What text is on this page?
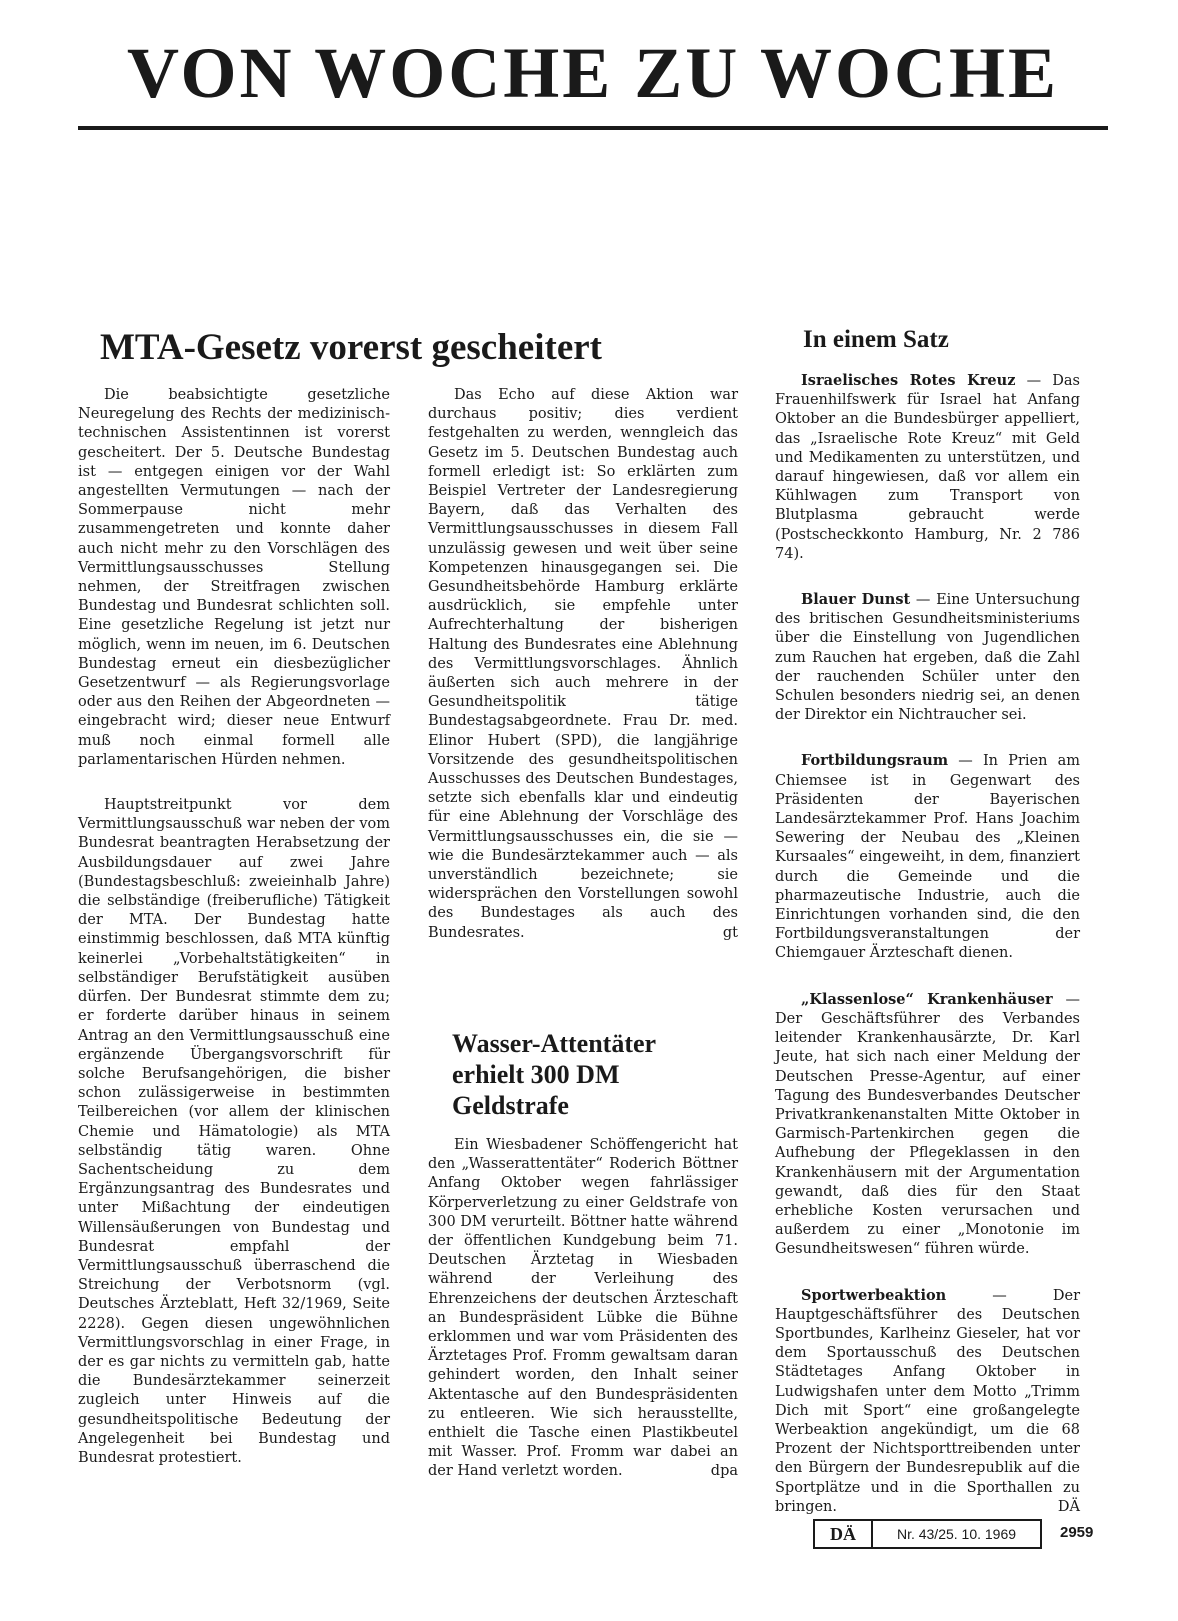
VON WOCHE ZU WOCHE
MTA-Gesetz vorerst gescheitert

Die beabsichtigte gesetzliche Neuregelung des Rechts der medizinisch-technischen Assistentinnen ist vorerst gescheitert. Der 5. Deutsche Bundestag ist — entgegen einigen vor der Wahl angestellten Vermutungen — nach der Sommerpause nicht mehr zusammengetreten und konnte daher auch nicht mehr zu den Vorschlägen des Vermittlungsausschusses Stellung nehmen, der Streitfragen zwischen Bundestag und Bundesrat schlichten soll. Eine gesetzliche Regelung ist jetzt nur möglich, wenn im neuen, im 6. Deutschen Bundestag erneut ein diesbezüglicher Gesetzentwurf — als Regierungsvorlage oder aus den Reihen der Abgeordneten — eingebracht wird; dieser neue Entwurf muß noch einmal formell alle parlamentarischen Hürden nehmen.

Hauptstreitpunkt vor dem Vermittlungsausschuß war neben der vom Bundesrat beantragten Herabsetzung der Ausbildungsdauer auf zwei Jahre (Bundestagsbeschluß: zweieinhalb Jahre) die selbständige (freiberufliche) Tätigkeit der MTA. Der Bundestag hatte einstimmig beschlossen, daß MTA künftig keinerlei „Vorbehaltstätigkeiten“ in selbständiger Berufstätigkeit ausüben dürfen. Der Bundesrat stimmte dem zu; er forderte darüber hinaus in seinem Antrag an den Vermittlungsausschuß eine ergänzende Übergangsvorschrift für solche Berufsangehörigen, die bisher schon zulässigerweise in bestimmten Teilbereichen (vor allem der klinischen Chemie und Hämatologie) als MTA selbständig tätig waren. Ohne Sachentscheidung zu dem Ergänzungsantrag des Bundesrates und unter Mißachtung der eindeutigen Willensäußerungen von Bundestag und Bundesrat empfahl der Vermittlungsausschuß überraschend die Streichung der Verbotsnorm (vgl. Deutsches Ärzteblatt, Heft 32/1969, Seite 2228). Gegen diesen ungewöhnlichen Vermittlungsvorschlag in einer Frage, in der es gar nichts zu vermitteln gab, hatte die Bundesärztekammer seinerzeit zugleich unter Hinweis auf die gesundheitspolitische Bedeutung der Angelegenheit bei Bundestag und Bundesrat protestiert.

Das Echo auf diese Aktion war durchaus positiv; dies verdient festgehalten zu werden, wenngleich das Gesetz im 5. Deutschen Bundestag auch formell erledigt ist: So erklärten zum Beispiel Vertreter der Landesregierung Bayern, daß das Verhalten des Vermittlungsausschusses in diesem Fall unzulässig gewesen und weit über seine Kompetenzen hinausgegangen sei. Die Gesundheitsbehörde Hamburg erklärte ausdrücklich, sie empfehle unter Aufrechterhaltung der bisherigen Haltung des Bundesrates eine Ablehnung des Vermittlungsvorschlages. Ähnlich äußerten sich auch mehrere in der Gesundheitspolitik tätige Bundestagsabgeordnete. Frau Dr. med. Elinor Hubert (SPD), die langjährige Vorsitzende des gesundheitspolitischen Ausschusses des Deutschen Bundestages, setzte sich ebenfalls klar und eindeutig für eine Ablehnung der Vorschläge des Vermittlungsausschusses ein, die sie — wie die Bundesärztekammer auch — als unverständlich bezeichnete; sie widersprächen den Vorstellungen sowohl des Bundestages als auch des Bundesrates.	gt

Wasser-Attentäter erhielt 300 DM Geldstrafe

Ein Wiesbadener Schöffengericht hat den „Wasserattentäter“ Roderich Böttner Anfang Oktober wegen fahrlässiger Körperverletzung zu einer Geldstrafe von 300 DM verurteilt. Böttner hatte während der öffentlichen Kundgebung beim 71. Deutschen Ärztetag in Wiesbaden während der Verleihung des Ehrenzeichens der deutschen Ärzteschaft an Bundespräsident Lübke die Bühne erklommen und war vom Präsidenten des Ärztetages Prof. Fromm gewaltsam daran gehindert worden, den Inhalt seiner Aktentasche auf den Bundespräsidenten zu entleeren. Wie sich herausstellte, enthielt die Tasche einen Plastikbeutel mit Wasser. Prof. Fromm war dabei an der Hand verletzt worden.	dpa

In einem Satz

Israelisches Rotes Kreuz — Das Frauenhilfswerk für Israel hat Anfang Oktober an die Bundesbürger appelliert, das „Israelische Rote Kreuz“ mit Geld und Medikamenten zu unterstützen, und darauf hingewiesen, daß vor allem ein Kühlwagen zum Transport von Blutplasma gebraucht werde (Postscheckkonto Hamburg, Nr. 2 786 74).

Blauer Dunst — Eine Untersuchung des britischen Gesundheitsministeriums über die Einstellung von Jugendlichen zum Rauchen hat ergeben, daß die Zahl der rauchenden Schüler unter den Schulen besonders niedrig sei, an denen der Direktor ein Nichtraucher sei.

Fortbildungsraum — In Prien am Chiemsee ist in Gegenwart des Präsidenten der Bayerischen Landesärztekammer Prof. Hans Joachim Sewering der Neubau des „Kleinen Kursaales“ eingeweiht, in dem, finanziert durch die Gemeinde und die pharmazeutische Industrie, auch die Einrichtungen vorhanden sind, die den Fortbildungsveranstaltungen der Chiemgauer Ärzteschaft dienen.

„Klassenlose“ Krankenhäuser — Der Geschäftsführer des Verbandes leitender Krankenhausärzte, Dr. Karl Jeute, hat sich nach einer Meldung der Deutschen Presse-Agentur, auf einer Tagung des Bundesverbandes Deutscher Privatkrankenanstalten Mitte Oktober in Garmisch-Partenkirchen gegen die Aufhebung der Pflegeklassen in den Krankenhäusern mit der Argumentation gewandt, daß dies für den Staat erhebliche Kosten verursachen und außerdem zu einer „Monotonie im Gesundheitswesen“ führen würde.

Sportwerbeaktion — Der Hauptgeschäftsführer des Deutschen Sportbundes, Karlheinz Gieseler, hat vor dem Sportausschuß des Deutschen Städtetages Anfang Oktober in Ludwigshafen unter dem Motto „Trimm Dich mit Sport“ eine großangelegte Werbeaktion angekündigt, um die 68 Prozent der Nichtsporttreibenden unter den Bürgern der Bundesrepublik auf die Sportplätze und in die Sporthallen zu bringen.	DÄ

DÄ	Nr. 43/25. 10. 1969	2959
